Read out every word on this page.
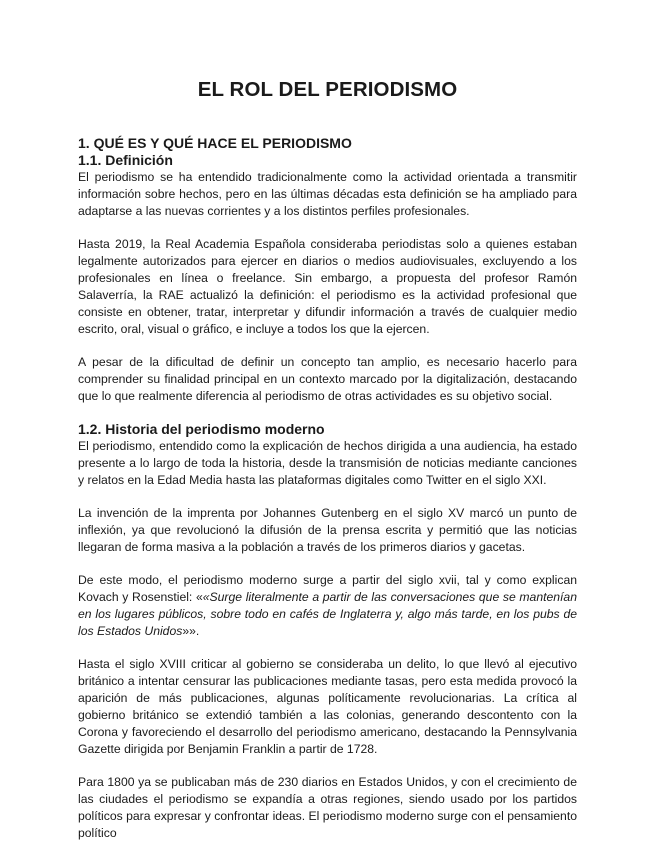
EL ROL DEL PERIODISMO
1. QUÉ ES Y QUÉ HACE EL PERIODISMO
1.1. Definición

El periodismo se ha entendido tradicionalmente como la actividad orientada a transmitir información sobre hechos, pero en las últimas décadas esta definición se ha ampliado para adaptarse a las nuevas corrientes y a los distintos perfiles profesionales.

Hasta 2019, la Real Academia Española consideraba periodistas solo a quienes estaban legalmente autorizados para ejercer en diarios o medios audiovisuales, excluyendo a los profesionales en línea o freelance. Sin embargo, a propuesta del profesor Ramón Salaverría, la RAE actualizó la definición: el periodismo es la actividad profesional que consiste en obtener, tratar, interpretar y difundir información a través de cualquier medio escrito, oral, visual o gráfico, e incluye a todos los que la ejercen.

A pesar de la dificultad de definir un concepto tan amplio, es necesario hacerlo para comprender su finalidad principal en un contexto marcado por la digitalización, destacando que lo que realmente diferencia al periodismo de otras actividades es su objetivo social.

1.2. Historia del periodismo moderno

El periodismo, entendido como la explicación de hechos dirigida a una audiencia, ha estado presente a lo largo de toda la historia, desde la transmisión de noticias mediante canciones y relatos en la Edad Media hasta las plataformas digitales como Twitter en el siglo XXI.

La invención de la imprenta por Johannes Gutenberg en el siglo XV marcó un punto de inflexión, ya que revolucionó la difusión de la prensa escrita y permitió que las noticias llegaran de forma masiva a la población a través de los primeros diarios y gacetas.

De este modo, el periodismo moderno surge a partir del siglo xvii, tal y como explican Kovach y Rosenstiel: ««Surge literalmente a partir de las conversaciones que se mantenían en los lugares públicos, sobre todo en cafés de Inglaterra y, algo más tarde, en los pubs de los Estados Unidos»».

Hasta el siglo XVIII criticar al gobierno se consideraba un delito, lo que llevó al ejecutivo británico a intentar censurar las publicaciones mediante tasas, pero esta medida provocó la aparición de más publicaciones, algunas políticamente revolucionarias. La crítica al gobierno británico se extendió también a las colonias, generando descontento con la Corona y favoreciendo el desarrollo del periodismo americano, destacando la Pennsylvania Gazette dirigida por Benjamin Franklin a partir de 1728.

Para 1800 ya se publicaban más de 230 diarios en Estados Unidos, y con el crecimiento de las ciudades el periodismo se expandía a otras regiones, siendo usado por los partidos políticos para expresar y confrontar ideas. El periodismo moderno surge con el pensamiento político
